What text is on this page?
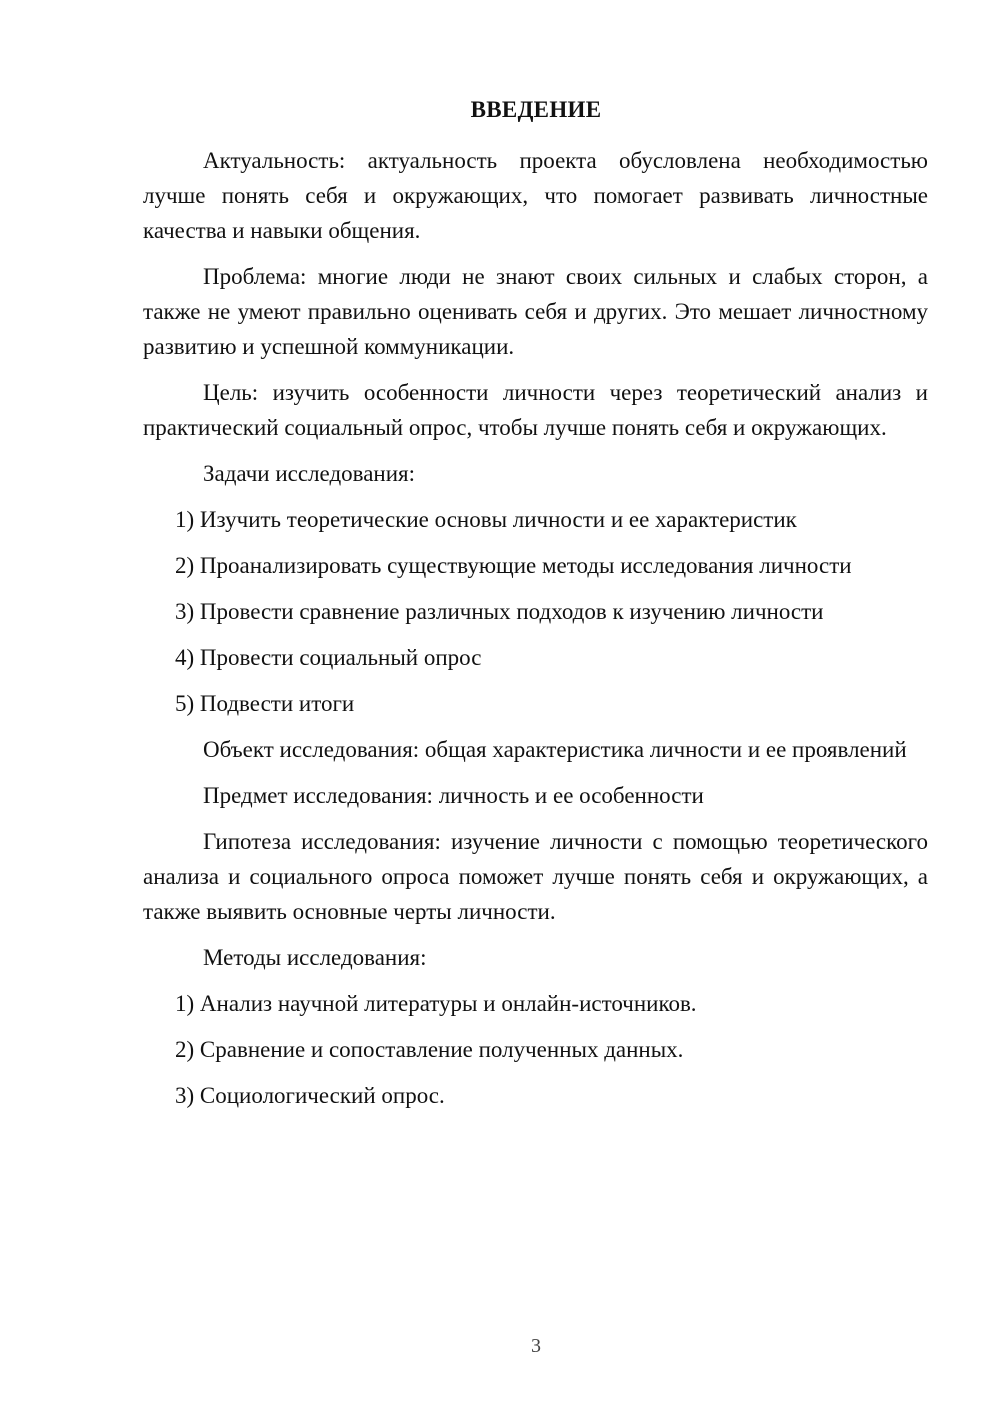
ВВЕДЕНИЕ

Актуальность: актуальность проекта обусловлена необходимостью лучше понять себя и окружающих, что помогает развивать личностные качества и навыки общения.

Проблема: многие люди не знают своих сильных и слабых сторон, а также не умеют правильно оценивать себя и других. Это мешает личностному развитию и успешной коммуникации.

Цель: изучить особенности личности через теоретический анализ и практический социальный опрос, чтобы лучше понять себя и окружающих.

Задачи исследования:

1) Изучить теоретические основы личности и ее характеристик
2) Проанализировать существующие методы исследования личности
3) Провести сравнение различных подходов к изучению личности
4) Провести социальный опрос
5) Подвести итоги

Объект исследования: общая характеристика личности и ее проявлений

Предмет исследования: личность и ее особенности

Гипотеза исследования: изучение личности с помощью теоретического анализа и социального опроса поможет лучше понять себя и окружающих, а также выявить основные черты личности.

Методы исследования:

1) Анализ научной литературы и онлайн-источников.
2) Сравнение и сопоставление полученных данных.
3) Социологический опрос.
3
